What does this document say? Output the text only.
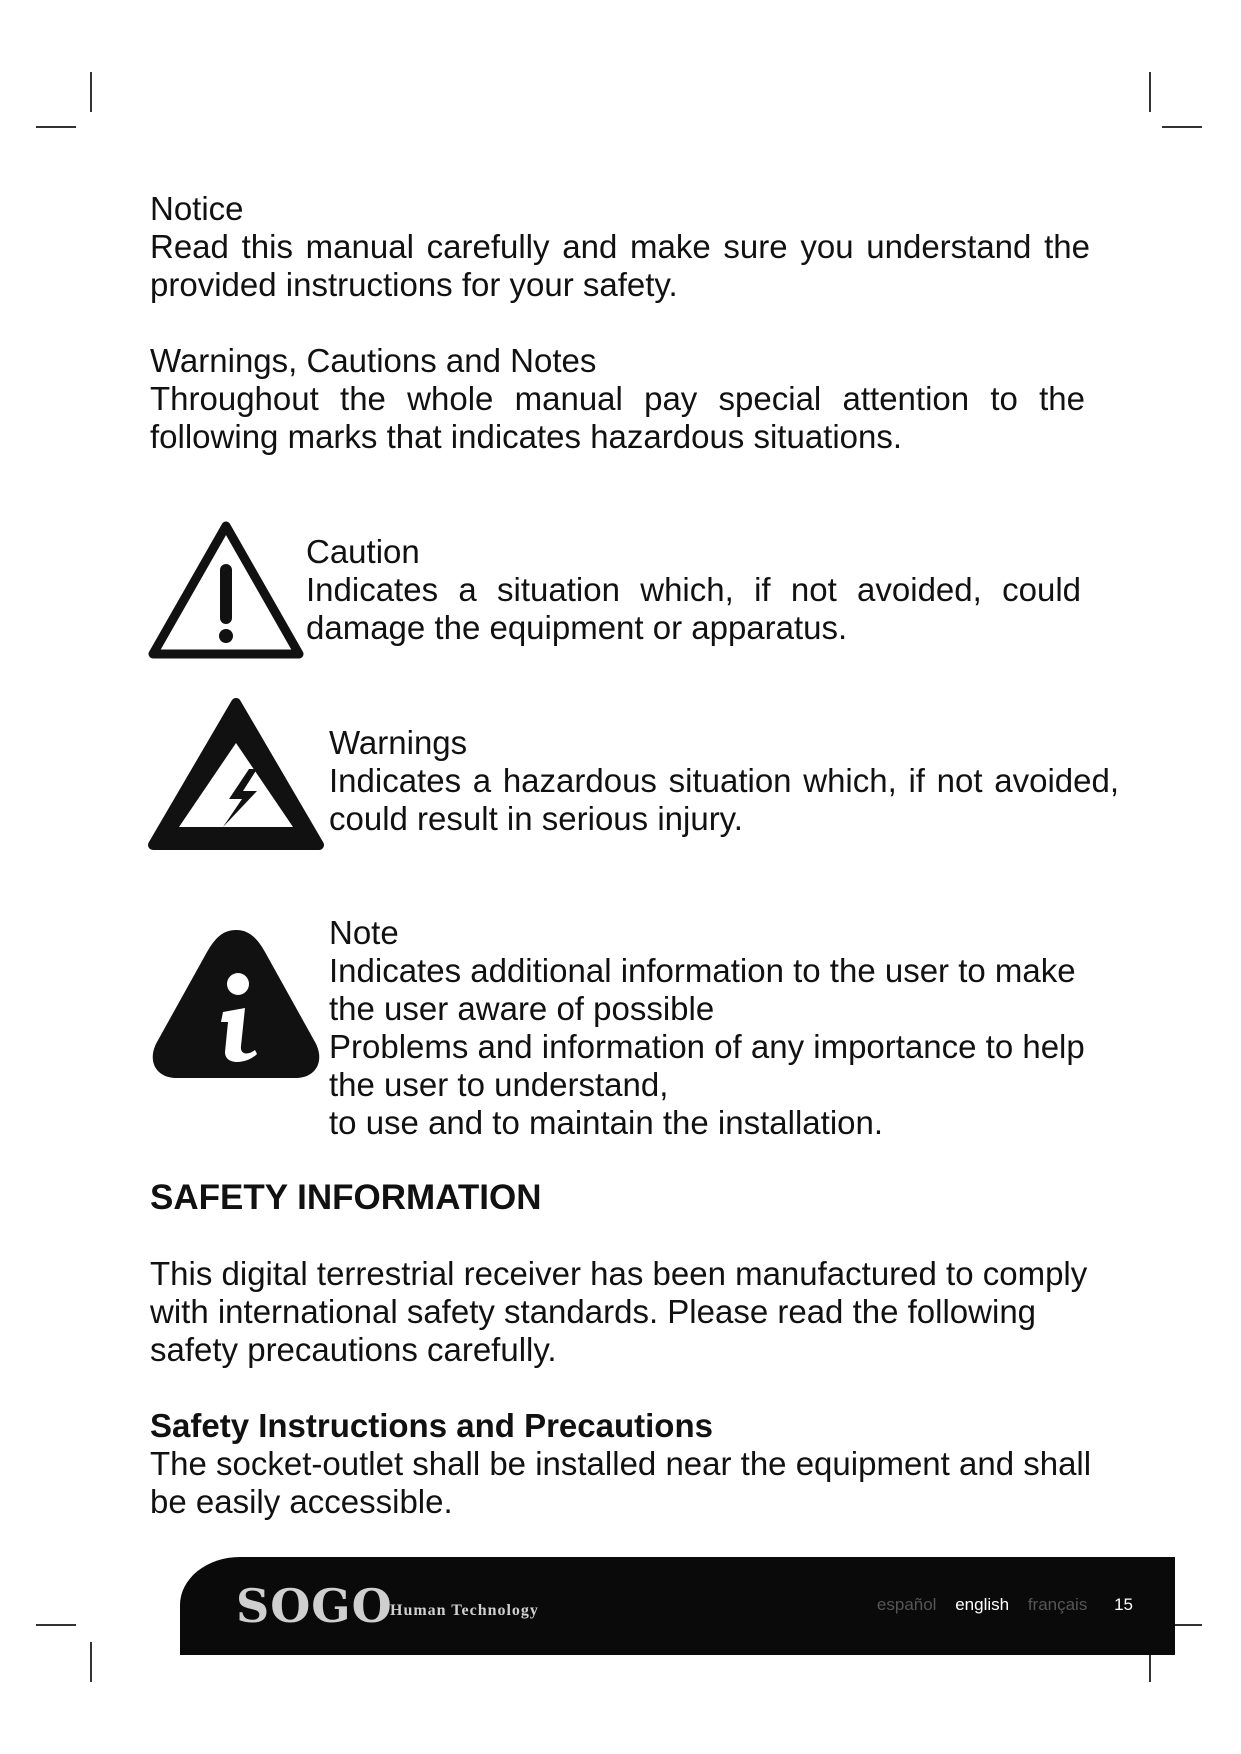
Notice

Read this manual carefully and make sure you understand the provided instructions for your safety.

Warnings, Cautions and Notes

Throughout the whole manual pay special attention to the following marks that indicates hazardous situations.

Caution

Indicates a situation which, if not avoided, could damage the equipment or apparatus.

Warnings

Indicates a hazardous situation which, if not avoided, could result in serious injury.

Note

Indicates additional information to the user to make

the user aware of possible

Problems and information of any importance to help

the user to understand,

to use and to maintain the installation.

SAFETY INFORMATION

This digital terrestrial receiver has been manufactured to comply with international safety standards. Please read the following safety precautions carefully.

Safety Instructions and Precautions

The socket-outlet shall be installed near the equipment and shall be easily accessible.

SOGO
Human Technology	español english français 15
